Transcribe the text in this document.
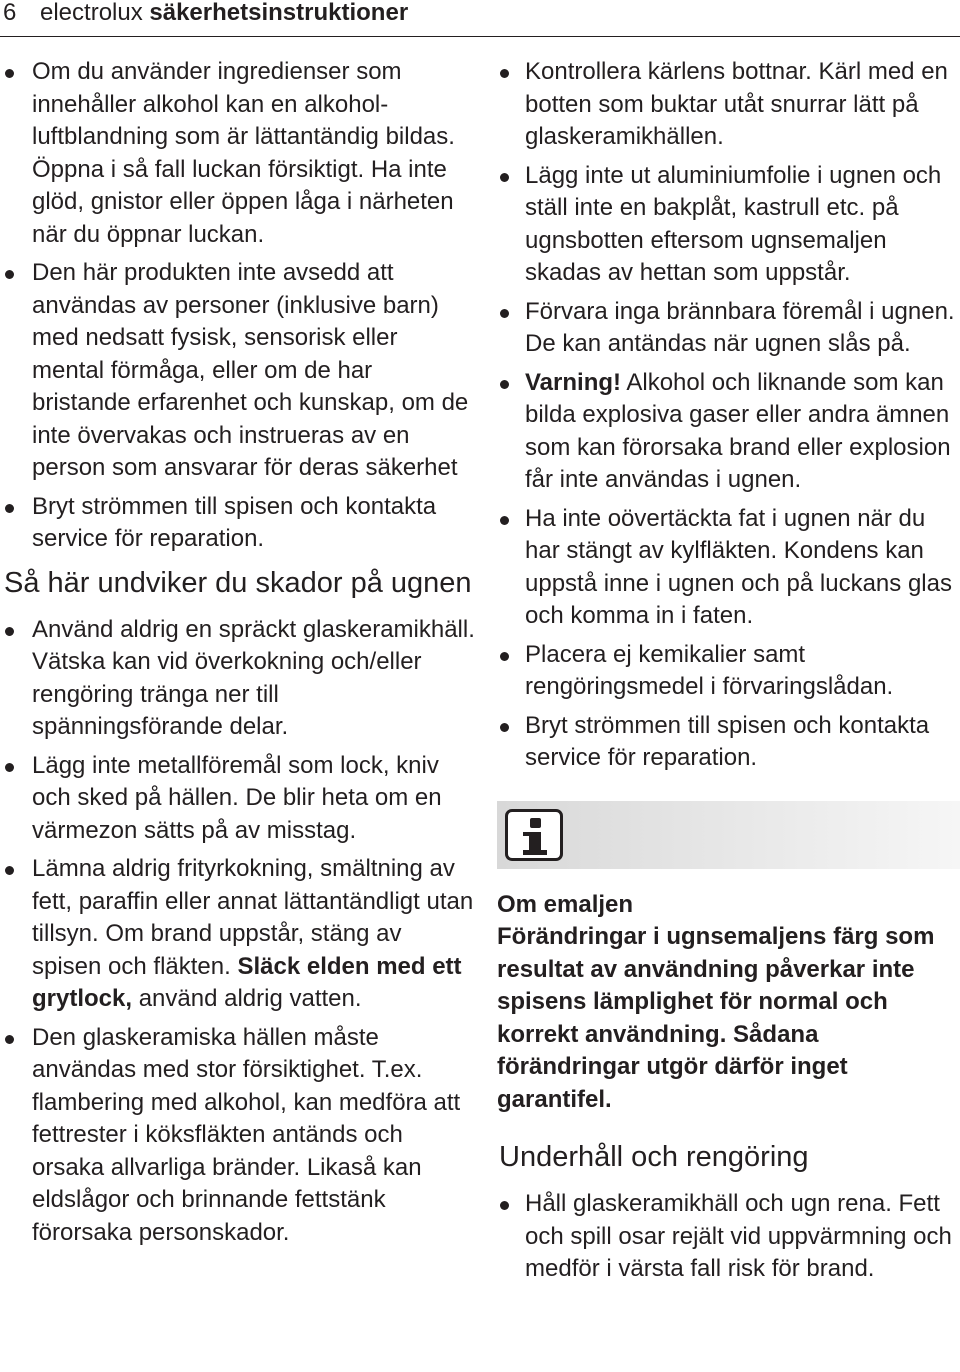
6 electrolux säkerhetsinstruktioner
Om du använder ingredienser som innehåller alkohol kan en alkohol-luftblandning som är lättantändig bildas. Öppna i så fall luckan försiktigt. Ha inte glöd, gnistor eller öppen låga i närheten när du öppnar luckan.
Den här produkten inte avsedd att användas av personer (inklusive barn) med nedsatt fysisk, sensorisk eller mental förmåga, eller om de har bristande erfarenhet och kunskap, om de inte övervakas och instrueras av en person som ansvarar för deras säkerhet
Bryt strömmen till spisen och kontakta service för reparation.
Så här undviker du skador på ugnen
Använd aldrig en spräckt glaskeramikhäll. Vätska kan vid överkokning och/eller rengöring tränga ner till spänningsförande delar.
Lägg inte metallföremål som lock, kniv och sked på hällen. De blir heta om en värmezon sätts på av misstag.
Lämna aldrig frityrkokning, smältning av fett, paraffin eller annat lättantändligt utan tillsyn. Om brand uppstår, stäng av spisen och fläkten. Släck elden med ett grytlock, använd aldrig vatten.
Den glaskeramiska hällen måste användas med stor försiktighet. T.ex. flambering med alkohol, kan medföra att fettrester i köksfläkten antänds och orsaka allvarliga bränder. Likaså kan eldslågor och brinnande fettstänk förorsaka personskador.
Kontrollera kärlens bottnar. Kärl med en botten som buktar utåt snurrar lätt på glaskeramikhällen.
Lägg inte ut aluminiumfolie i ugnen och ställ inte en bakplåt, kastrull etc. på ugnsbotten eftersom ugnsemaljen skadas av hettan som uppstår.
Förvara inga brännbara föremål i ugnen. De kan antändas när ugnen slås på.
Varning! Alkohol och liknande som kan bilda explosiva gaser eller andra ämnen som kan förorsaka brand eller explosion får inte användas i ugnen.
Ha inte oövertäckta fat i ugnen när du har stängt av kylfläkten. Kondens kan uppstå inne i ugnen och på luckans glas och komma in i faten.
Placera ej kemikalier samt rengöringsmedel i förvaringslådan.
Bryt strömmen till spisen och kontakta service för reparation.
Om emaljen
Förändringar i ugnsemaljens färg som resultat av användning påverkar inte spisens lämplighet för normal och korrekt användning. Sådana förändringar utgör därför inget garantifel.
Underhåll och rengöring
Håll glaskeramikhäll och ugn rena. Fett och spill osar rejält vid uppvärmning och medför i värsta fall risk för brand.
